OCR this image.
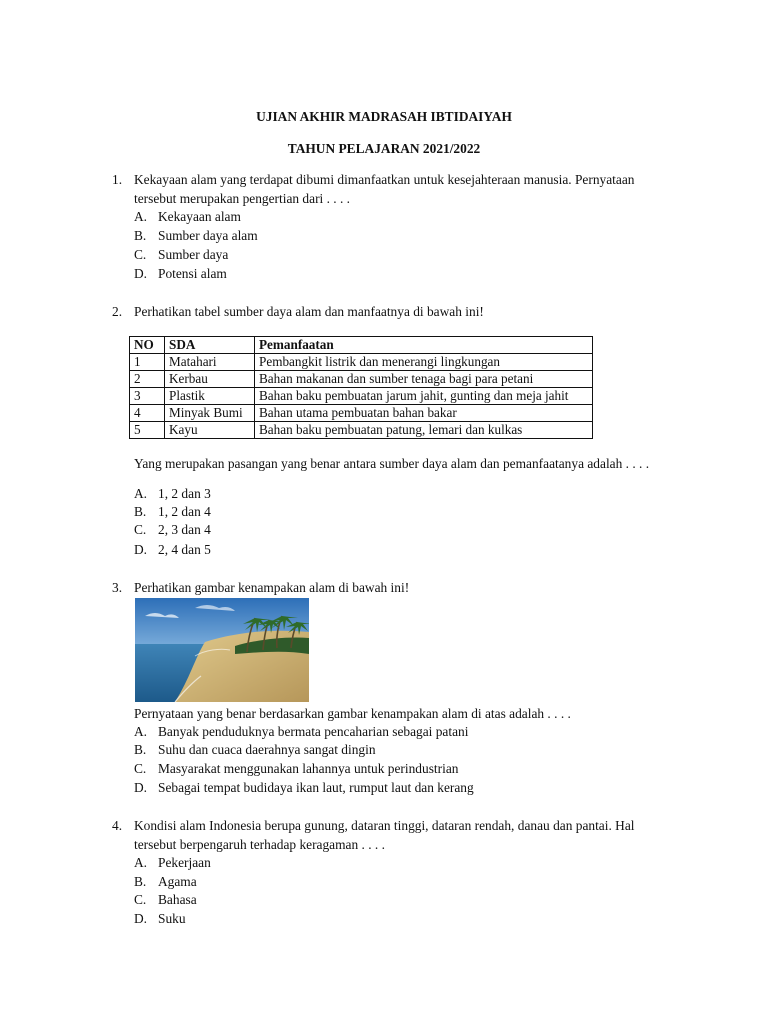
UJIAN AKHIR MADRASAH IBTIDAIYAH
TAHUN PELAJARAN 2021/2022
1. Kekayaan alam yang terdapat dibumi dimanfaatkan untuk kesejahteraan manusia. Pernyataan
tersebut merupakan pengertian dari . . . .
A. Kekayaan alam
B. Sumber daya alam
C. Sumber daya
D. Potensi alam
2. Perhatikan tabel sumber daya alam dan manfaatnya di bawah ini!
NO	SDA	Pemanfaatan
1	Matahari	Pembangkit listrik dan menerangi lingkungan
2	Kerbau	Bahan makanan dan sumber tenaga bagi para petani
3	Plastik	Bahan baku pembuatan jarum jahit, gunting dan meja jahit
4	Minyak Bumi	Bahan utama pembuatan bahan bakar
5	Kayu	Bahan baku pembuatan patung, lemari dan kulkas
Yang merupakan pasangan yang benar antara sumber daya alam dan pemanfaatanya adalah . . . .
A. 1, 2 dan 3
B. 1, 2 dan 4
C. 2, 3 dan 4
D. 2, 4 dan 5
3. Perhatikan gambar kenampakan alam di bawah ini!
Pernyataan yang benar berdasarkan gambar kenampakan alam di atas adalah . . . .
A. Banyak penduduknya bermata pencaharian sebagai patani
B. Suhu dan cuaca daerahnya sangat dingin
C. Masyarakat menggunakan lahannya untuk perindustrian
D. Sebagai tempat budidaya ikan laut, rumput laut dan kerang
4. Kondisi alam Indonesia berupa gunung, dataran tinggi, dataran rendah, danau dan pantai. Hal
tersebut berpengaruh terhadap keragaman . . . .
A. Pekerjaan
B. Agama
C. Bahasa
D. Suku
